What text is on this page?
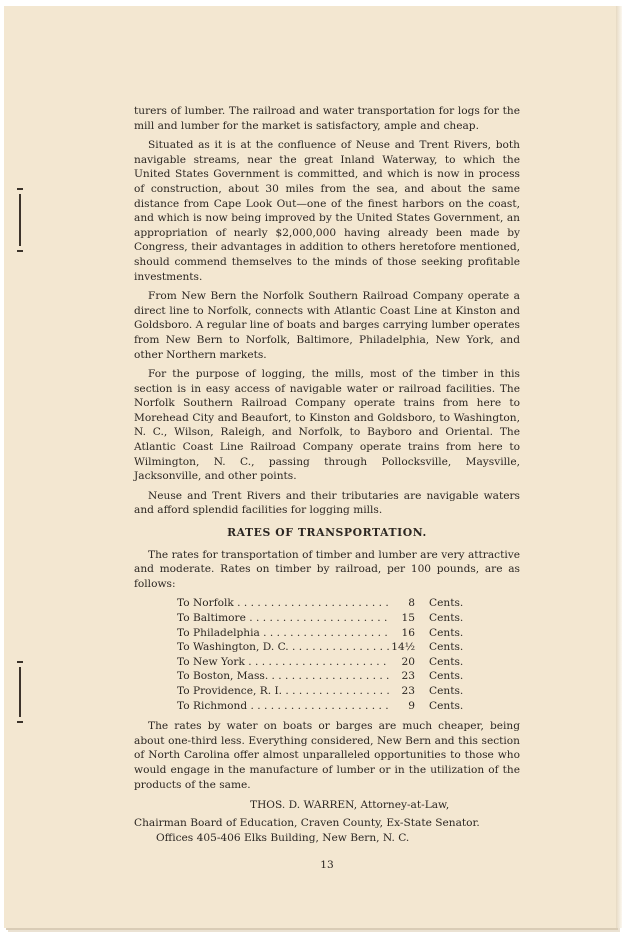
turers of lumber. The railroad and water transportation for logs for the mill and lumber for the market is satisfactory, ample and cheap.

Situated as it is at the confluence of Neuse and Trent Rivers, both navigable streams, near the great Inland Waterway, to which the United States Government is committed, and which is now in process of construction, about 30 miles from the sea, and about the same distance from Cape Look Out—one of the finest harbors on the coast, and which is now being improved by the United States Government, an appropriation of nearly $2,000,000 having already been made by Congress, their advantages in addition to others heretofore mentioned, should commend themselves to the minds of those seeking profitable investments.

From New Bern the Norfolk Southern Railroad Company operate a direct line to Norfolk, connects with Atlantic Coast Line at Kinston and Goldsboro. A regular line of boats and barges carrying lumber operates from New Bern to Norfolk, Baltimore, Philadelphia, New York, and other Northern markets.

For the purpose of logging, the mills, most of the timber in this section is in easy access of navigable water or railroad facilities. The Norfolk Southern Railroad Company operate trains from here to Morehead City and Beaufort, to Kinston and Goldsboro, to Washington, N. C., Wilson, Raleigh, and Norfolk, to Bayboro and Oriental. The Atlantic Coast Line Railroad Company operate trains from here to Wilmington, N. C., passing through Pollocksville, Maysville, Jacksonville, and other points.

Neuse and Trent Rivers and their tributaries are navigable waters and afford splendid facilities for logging mills.

RATES OF TRANSPORTATION.

The rates for transportation of timber and lumber are very attractive and moderate. Rates on timber by railroad, per 100 pounds, are as follows:

To Norfolk . . .	8	Cents.
To Baltimore . . .	15	Cents.
To Philadelphia . . .	16	Cents.
To Washington, D. C. . . .	14½	Cents.
To New York . . .	20	Cents.
To Boston, Mass. . . .	23	Cents.
To Providence, R. I. . . .	23	Cents.
To Richmond . . .	9	Cents.

The rates by water on boats or barges are much cheaper, being about one-third less. Everything considered, New Bern and this section of North Carolina offer almost unparalleled opportunities to those who would engage in the manufacture of lumber or in the utilization of the products of the same.

THOS. D. WARREN, Attorney-at-Law,
Chairman Board of Education, Craven County, Ex-State Senator.
Offices 405-406 Elks Building, New Bern, N. C.
13
